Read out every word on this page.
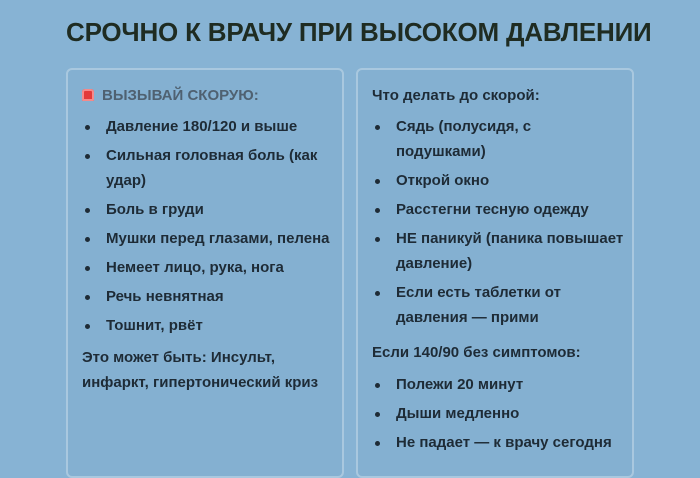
СРОЧНО К ВРАЧУ ПРИ ВЫСОКОМ ДАВЛЕНИИ
ВЫЗЫВАЙ СКОРУЮ:
Давление 180/120 и выше
Сильная головная боль (как удар)
Боль в груди
Мушки перед глазами, пелена
Немеет лицо, рука, нога
Речь невнятная
Тошнит, рвёт
Это может быть: Инсульт, инфаркт, гипертонический криз
Что делать до скорой:
Сядь (полусидя, с подушками)
Открой окно
Расстегни тесную одежду
НЕ паникуй (паника повышает давление)
Если есть таблетки от давления — прими
Если 140/90 без симптомов:
Полежи 20 минут
Дыши медленно
Не падает — к врачу сегодня
